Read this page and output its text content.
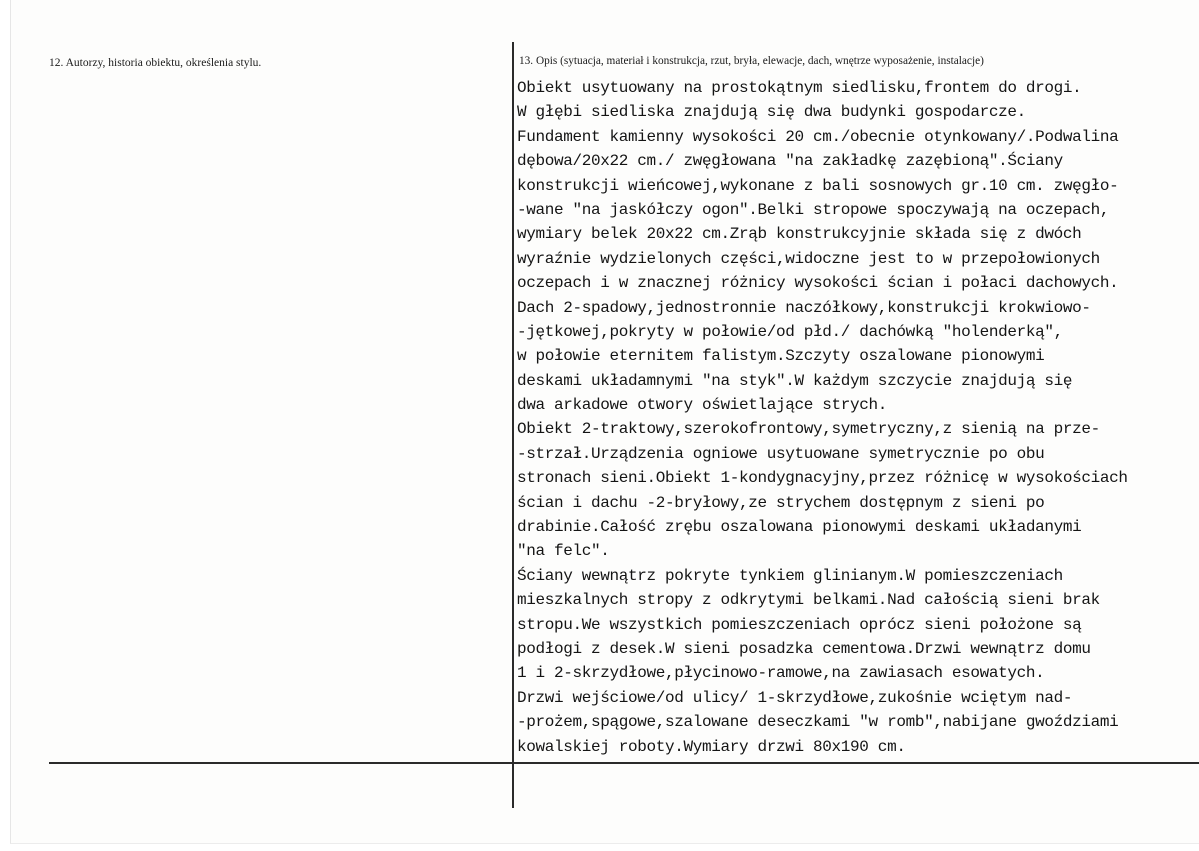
12. Autorzy, historia obiektu, określenia stylu.	13. Opis (sytuacja, materiał i konstrukcja, rzut, bryła, elewacje, dach, wnętrze wyposażenie, instalacje)
Obiekt usytuowany na prostokątnym siedlisku,frontem do drogi.
W głębi siedliska znajdują się dwa budynki gospodarcze.
Fundament kamienny wysokości 20 cm./obecnie otynkowany/.Podwalina
dębowa/20x22 cm./ zwęgłowana "na zakładkę zazębioną".Ściany
konstrukcji wieńcowej,wykonane z bali sosnowych gr.10 cm. zwęgło-
-wane "na jaskółczy ogon".Belki stropowe spoczywają na oczepach,
wymiary belek 20x22 cm.Zrąb konstrukcyjnie składa się z dwóch
wyraźnie wydzielonych części,widoczne jest to w przepołowionych
oczepach i w znacznej różnicy wysokości ścian i połaci dachowych.
Dach 2-spadowy,jednostronnie naczółkowy,konstrukcji krokwiowo-
-jętkowej,pokryty w połowie/od płd./ dachówką "holenderką",
w połowie eternitem falistym.Szczyty oszalowane pionowymi
deskami układamnymi "na styk".W każdym szczycie znajdują się
dwa arkadowe otwory oświetlające strych.
Obiekt 2-traktowy,szerokofrontowy,symetryczny,z sienią na prze-
-strzał.Urządzenia ogniowe usytuowane symetrycznie po obu
stronach sieni.Obiekt 1-kondygnacyjny,przez różnicę w wysokościach
ścian i dachu -2-bryłowy,ze strychem dostępnym z sieni po
drabinie.Całość zrębu oszalowana pionowymi deskami układanymi
"na felc".
Ściany wewnątrz pokryte tynkiem glinianym.W pomieszczeniach
mieszkalnych stropy z odkrytymi belkami.Nad całością sieni brak
stropu.We wszystkich pomieszczeniach oprócz sieni położone są
podłogi z desek.W sieni posadzka cementowa.Drzwi wewnątrz domu
1 i 2-skrzydłowe,płycinowo-ramowe,na zawiasach esowatych.
Drzwi wejściowe/od ulicy/ 1-skrzydłowe,zukośnie wciętym nad-
-prożem,spągowe,szalowane deseczkami "w romb",nabijane gwoździami
kowalskiej roboty.Wymiary drzwi 80x190 cm.
